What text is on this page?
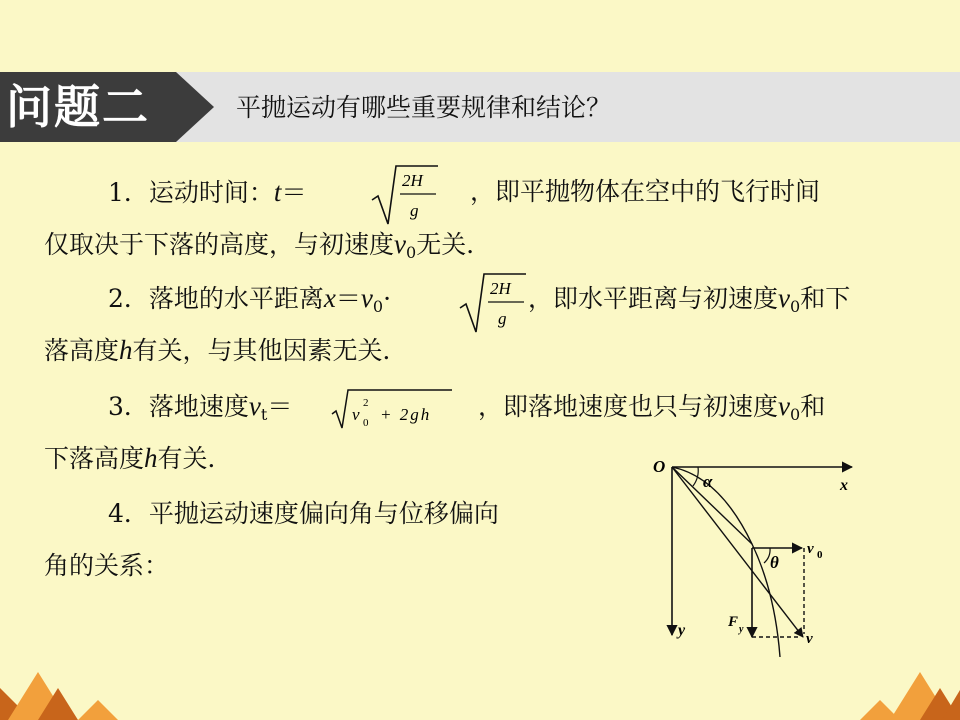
问题二	平抛运动有哪些重要规律和结论？
1．运动时间：t＝	2H
g
，即平抛物体在空中的飞行时间
仅取决于下落的高度，与初速度$v_0$无关．
2．落地的水平距离$x=v_0\cdot$	2H
g
，即水平距离与初速度$v_0$和下
落高度h有关，与其他因素无关．
3．落地速度$v_t=$	v
2
0 + 2gh ，即落地速度也只与初速度$v_0$和
下落高度h有关．
4．平抛运动速度偏向角与位移偏向
角的关系：
O
x
y
α
θ
v 0
F y
v
